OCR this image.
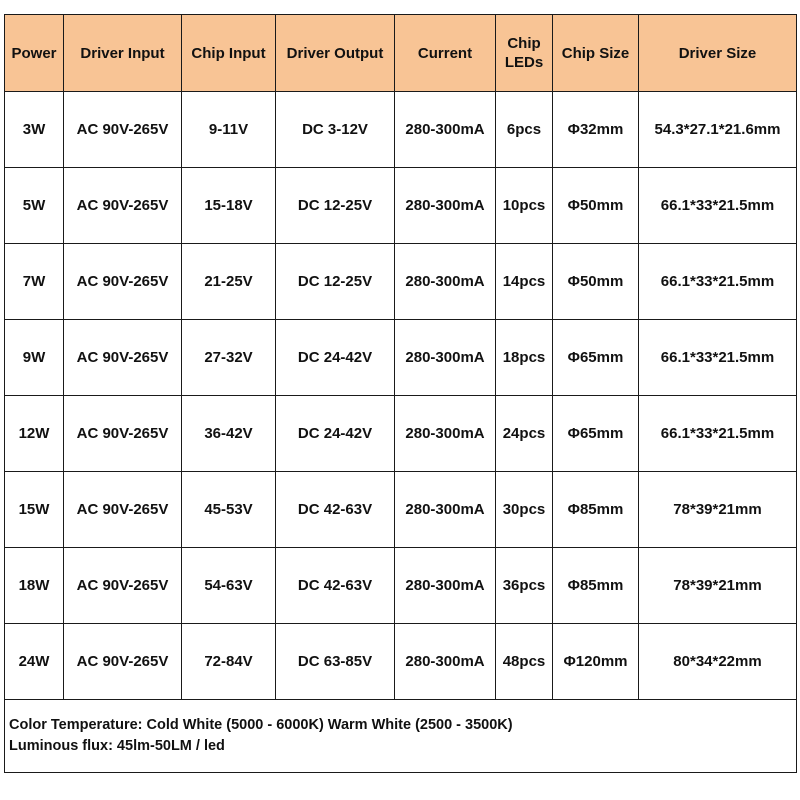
Power	Driver Input	Chip Input	Driver Output	Current	Chip LEDs	Chip Size	Driver Size
3W	AC 90V-265V	9-11V	DC 3-12V	280-300mA	6pcs	Φ32mm	54.3*27.1*21.6mm
5W	AC 90V-265V	15-18V	DC 12-25V	280-300mA	10pcs	Φ50mm	66.1*33*21.5mm
7W	AC 90V-265V	21-25V	DC 12-25V	280-300mA	14pcs	Φ50mm	66.1*33*21.5mm
9W	AC 90V-265V	27-32V	DC 24-42V	280-300mA	18pcs	Φ65mm	66.1*33*21.5mm
12W	AC 90V-265V	36-42V	DC 24-42V	280-300mA	24pcs	Φ65mm	66.1*33*21.5mm
15W	AC 90V-265V	45-53V	DC 42-63V	280-300mA	30pcs	Φ85mm	78*39*21mm
18W	AC 90V-265V	54-63V	DC 42-63V	280-300mA	36pcs	Φ85mm	78*39*21mm
24W	AC 90V-265V	72-84V	DC 63-85V	280-300mA	48pcs	Φ120mm	80*34*22mm

Color Temperature: Cold White (5000 - 6000K) Warm White (2500 - 3500K)
Luminous flux: 45lm-50LM / led							
